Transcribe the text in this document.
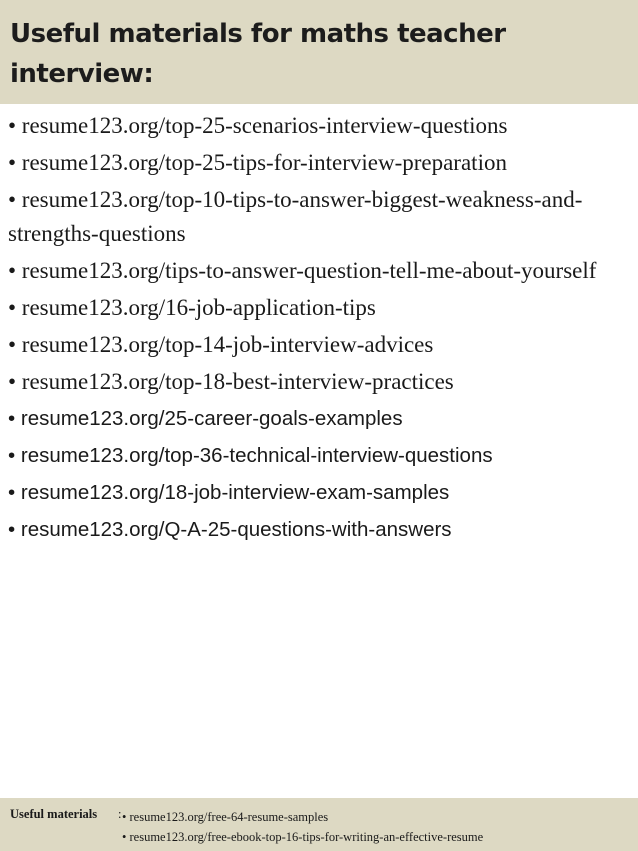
Useful materials for maths teacher interview:

• resume123.org/top-25-scenarios-interview-questions

• resume123.org/top-25-tips-for-interview-preparation

• resume123.org/top-10-tips-to-answer-biggest-weakness-and-strengths-questions

• resume123.org/tips-to-answer-question-tell-me-about-yourself

• resume123.org/16-job-application-tips

• resume123.org/top-14-job-interview-advices

• resume123.org/top-18-best-interview-practices

• resume123.org/25-career-goals-examples

• resume123.org/top-36-technical-interview-questions

• resume123.org/18-job-interview-exam-samples

• resume123.org/Q-A-25-questions-with-answers

Useful materials : • resume123.org/free-64-resume-samples
• resume123.org/free-ebook-top-16-tips-for-writing-an-effective-resume
